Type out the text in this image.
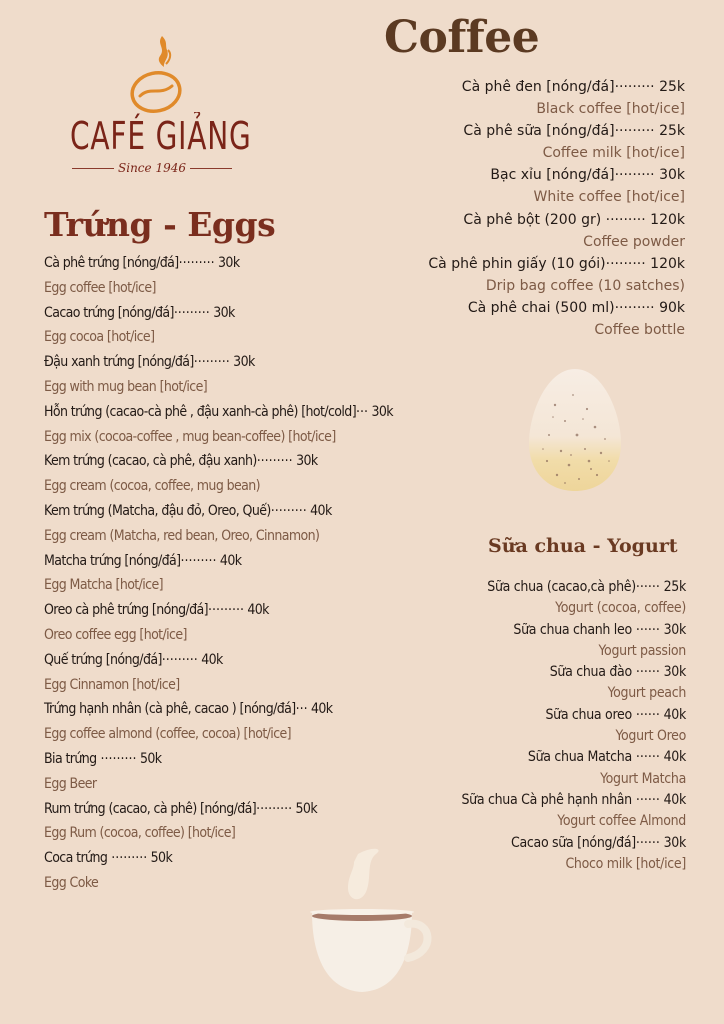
CAFÉ GIẢNG
Since 1946
Coffee
Cà phê đen [nóng/đá]········· 25k
Black coffee [hot/ice]
Cà phê sữa [nóng/đá]········· 25k
Coffee milk [hot/ice]
Bạc xỉu [nóng/đá]········· 30k
White coffee [hot/ice]
Cà phê bột (200 gr) ········· 120k
Coffee powder
Cà phê phin giấy (10 gói)········· 120k
Drip bag coffee (10 satches)
Cà phê chai (500 ml)········· 90k
Coffee bottle
Trứng - Eggs
Cà phê trứng [nóng/đá]········· 30k
Egg coffee [hot/ice]
Cacao trứng [nóng/đá]········· 30k
Egg cocoa [hot/ice]
Đậu xanh trứng [nóng/đá]········· 30k
Egg with mug bean [hot/ice]
Hỗn trứng (cacao-cà phê , đậu xanh-cà phê) [hot/cold]··· 30k
Egg mix (cocoa-coffee , mug bean-coffee) [hot/ice]
Kem trứng (cacao, cà phê, đậu xanh)········· 30k
Egg cream (cocoa, coffee, mug bean)
Kem trứng (Matcha, đậu đỏ, Oreo, Quế)········· 40k
Egg cream (Matcha, red bean, Oreo, Cinnamon)
Matcha trứng [nóng/đá]········· 40k
Egg Matcha [hot/ice]
Oreo cà phê trứng [nóng/đá]········· 40k
Oreo coffee egg [hot/ice]
Quế trứng [nóng/đá]········· 40k
Egg Cinnamon [hot/ice]
Trứng hạnh nhân (cà phê, cacao ) [nóng/đá]··· 40k
Egg coffee almond (coffee, cocoa) [hot/ice]
Bia trứng ········· 50k
Egg Beer
Rum trứng (cacao, cà phê) [nóng/đá]········· 50k
Egg Rum (cocoa, coffee) [hot/ice]
Coca trứng ········· 50k
Egg Coke
Sữa chua - Yogurt
Sữa chua (cacao,cà phê)······ 25k
Yogurt (cocoa, coffee)
Sữa chua chanh leo ······ 30k
Yogurt passion
Sữa chua đào ······ 30k
Yogurt peach
Sữa chua oreo ······ 40k
Yogurt Oreo
Sữa chua Matcha ······ 40k
Yogurt Matcha
Sữa chua Cà phê hạnh nhân ······ 40k
Yogurt coffee Almond
Cacao sữa [nóng/đá]······ 30k
Choco milk [hot/ice]
